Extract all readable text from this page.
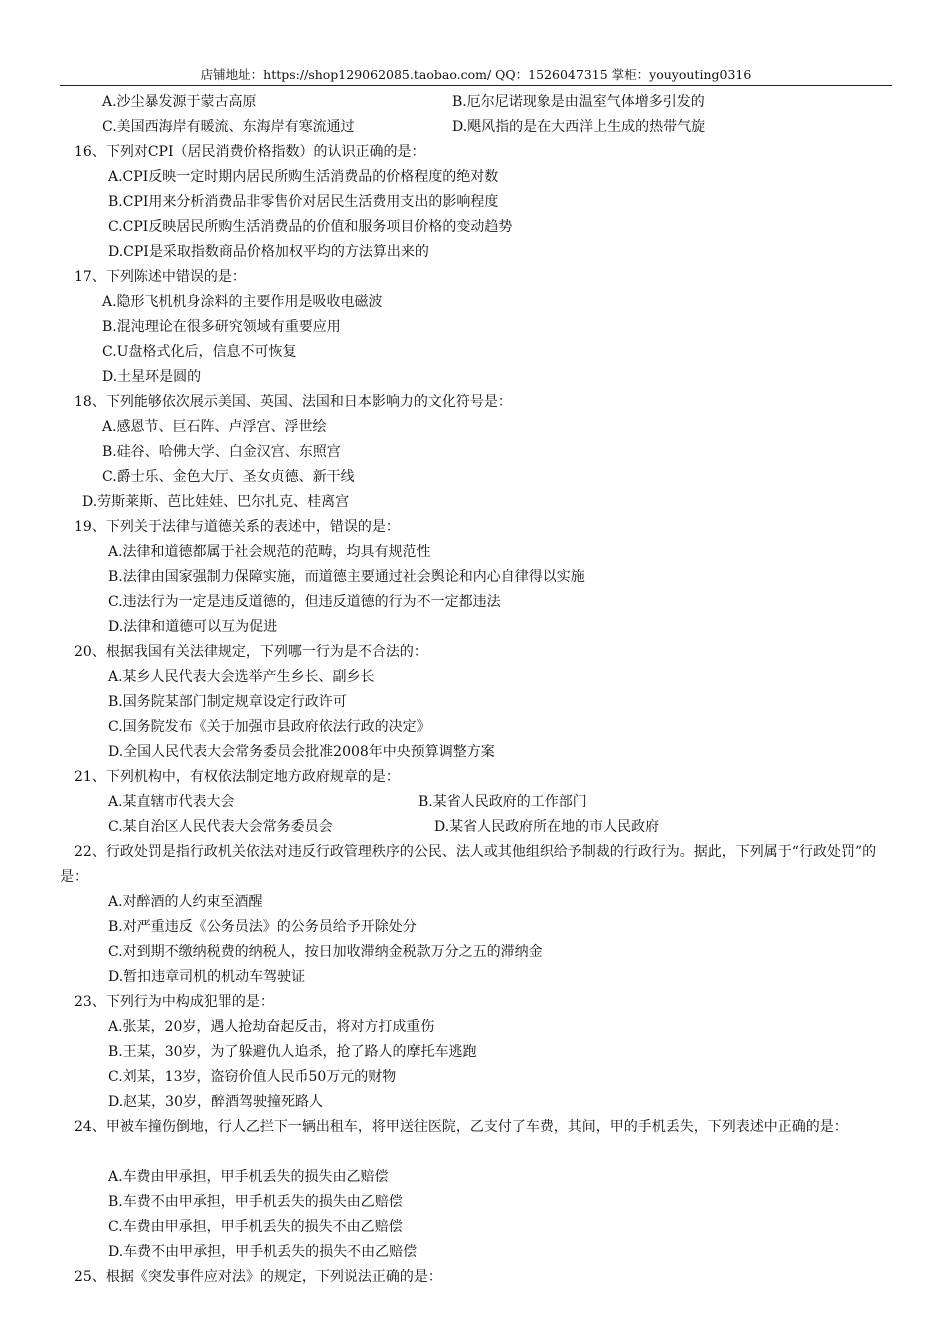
店铺地址：https://shop129062085.taobao.com/ QQ：1526047315 掌柜：youyouting0316
A.沙尘暴发源于蒙古高原	B.厄尔尼诺现象是由温室气体增多引发的
C.美国西海岸有暖流、东海岸有寒流通过	D.飓风指的是在大西洋上生成的热带气旋
16、下列对CPI（居民消费价格指数）的认识正确的是：
A.CPI反映一定时期内居民所购生活消费品的价格程度的绝对数
B.CPI用来分析消费品非零售价对居民生活费用支出的影响程度
C.CPI反映居民所购生活消费品的价值和服务项目价格的变动趋势
D.CPI是采取指数商品价格加权平均的方法算出来的
17、下列陈述中错误的是：
A.隐形飞机机身涂料的主要作用是吸收电磁波
B.混沌理论在很多研究领域有重要应用
C.U盘格式化后，信息不可恢复
D.土星环是圆的
18、下列能够依次展示美国、英国、法国和日本影响力的文化符号是：
A.感恩节、巨石阵、卢浮宫、浮世绘
B.硅谷、哈佛大学、白金汉宫、东照宫
C.爵士乐、金色大厅、圣女贞德、新干线
D.劳斯莱斯、芭比娃娃、巴尔扎克、桂离宫
19、下列关于法律与道德关系的表述中，错误的是：
A.法律和道德都属于社会规范的范畴，均具有规范性
B.法律由国家强制力保障实施，而道德主要通过社会舆论和内心自律得以实施
C.违法行为一定是违反道德的，但违反道德的行为不一定都违法
D.法律和道德可以互为促进
20、根据我国有关法律规定，下列哪一行为是不合法的：
A.某乡人民代表大会选举产生乡长、副乡长
B.国务院某部门制定规章设定行政许可
C.国务院发布《关于加强市县政府依法行政的决定》
D.全国人民代表大会常务委员会批准2008年中央预算调整方案
21、下列机构中，有权依法制定地方政府规章的是：
A.某直辖市代表大会	B.某省人民政府的工作部门
C.某自治区人民代表大会常务委员会	D.某省人民政府所在地的市人民政府
22、行政处罚是指行政机关依法对违反行政管理秩序的公民、法人或其他组织给予制裁的行政行为。据此，下列属于“行政处罚”的是：
A.对醉酒的人约束至酒醒
B.对严重违反《公务员法》的公务员给予开除处分
C.对到期不缴纳税费的纳税人，按日加收滞纳金税款万分之五的滞纳金
D.暂扣违章司机的机动车驾驶证
23、下列行为中构成犯罪的是：
A.张某，20岁，遇人抢劫奋起反击，将对方打成重伤
B.王某，30岁，为了躲避仇人追杀，抢了路人的摩托车逃跑
C.刘某，13岁，盗窃价值人民币50万元的财物
D.赵某，30岁，醉酒驾驶撞死路人
24、甲被车撞伤倒地，行人乙拦下一辆出租车，将甲送往医院，乙支付了车费，其间，甲的手机丢失，下列表述中正确的是：
A.车费由甲承担，甲手机丢失的损失由乙赔偿
B.车费不由甲承担，甲手机丢失的损失由乙赔偿
C.车费由甲承担，甲手机丢失的损失不由乙赔偿
D.车费不由甲承担，甲手机丢失的损失不由乙赔偿
25、根据《突发事件应对法》的规定，下列说法正确的是：
